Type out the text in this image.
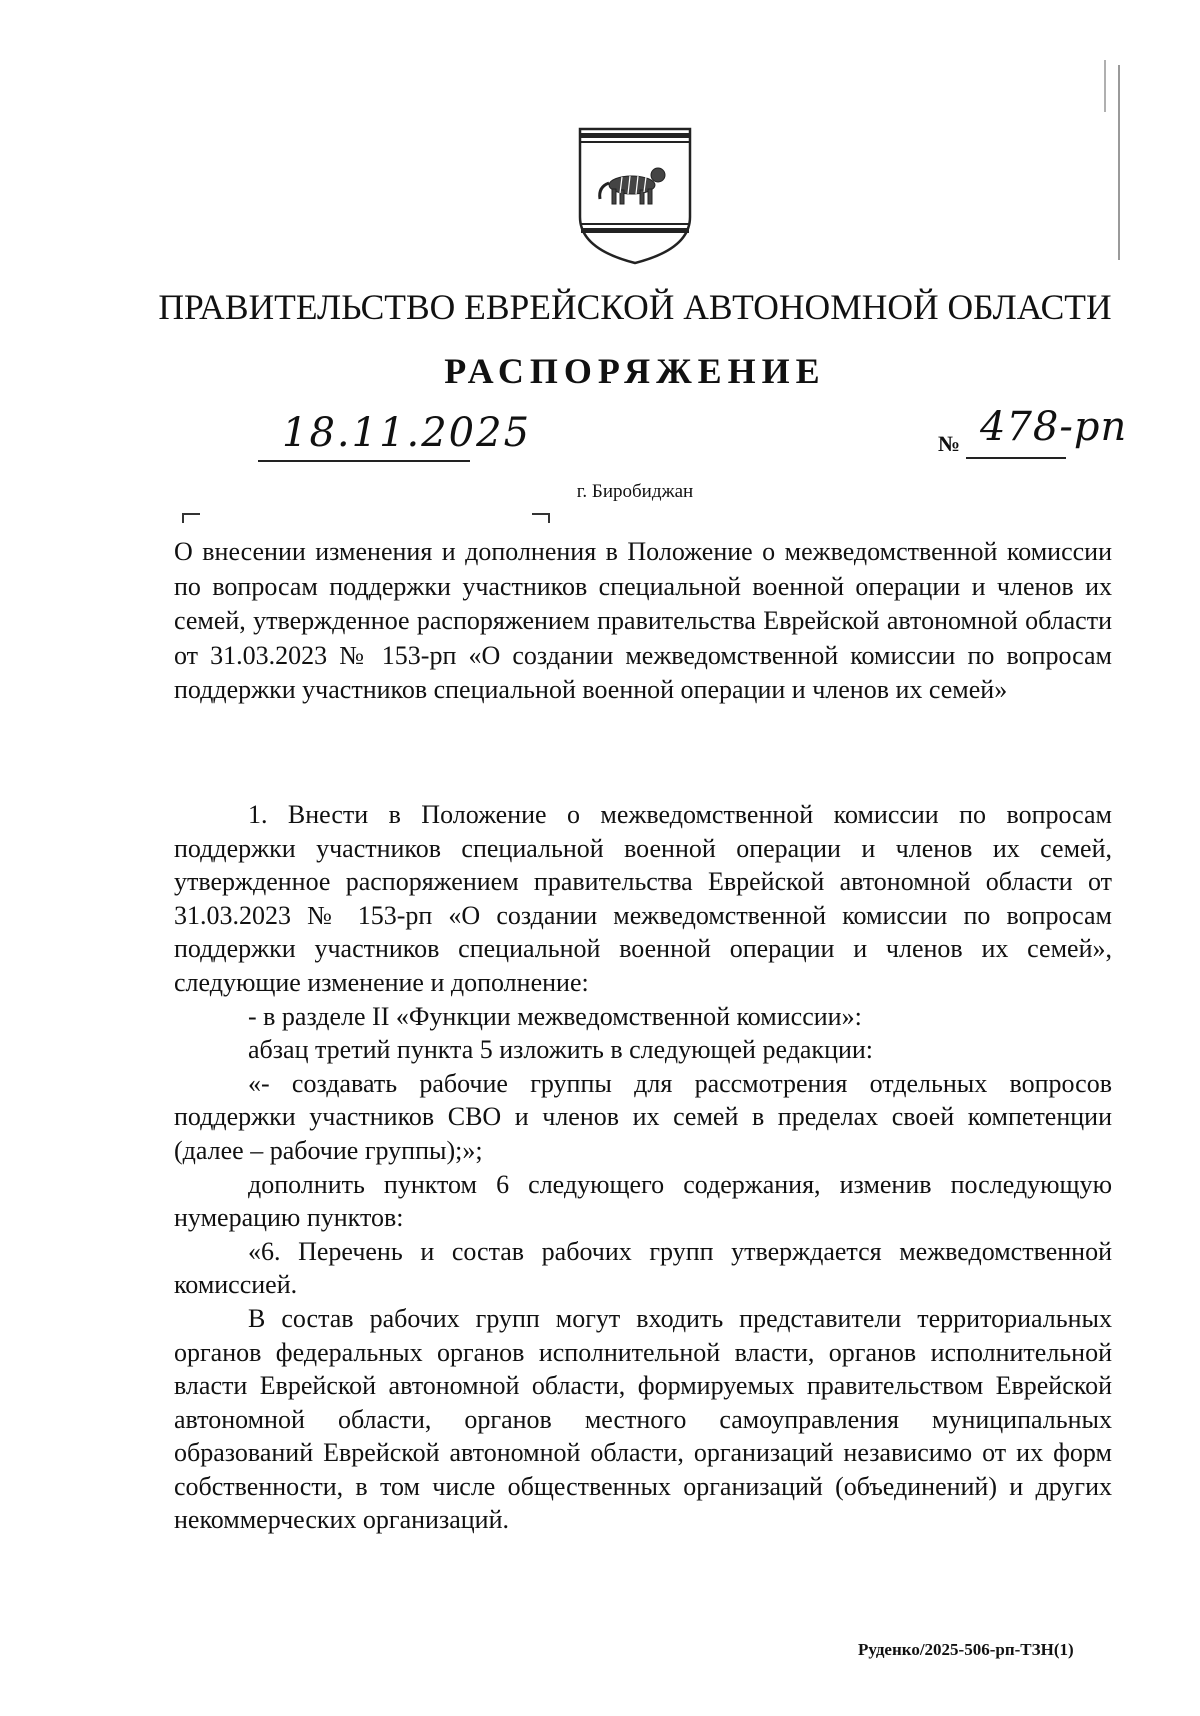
ПРАВИТЕЛЬСТВО ЕВРЕЙСКОЙ АВТОНОМНОЙ ОБЛАСТИ
РАСПОРЯЖЕНИЕ
18.11.2025	№ 478-рп
г. Биробиджан
О внесении изменения и дополнения в Положение о межведомственной комиссии по вопросам поддержки участников специальной военной операции и членов их семей, утвержденное распоряжением правительства Еврейской автономной области от 31.03.2023 № 153-рп «О создании межведомственной комиссии по вопросам поддержки участников специальной военной операции и членов их семей»

1. Внести в Положение о межведомственной комиссии по вопросам поддержки участников специальной военной операции и членов их семей, утвержденное распоряжением правительства Еврейской автономной области от 31.03.2023 № 153-рп «О создании межведомственной комиссии по вопросам поддержки участников специальной военной операции и членов их семей», следующие изменение и дополнение:

- в разделе II «Функции межведомственной комиссии»:

абзац третий пункта 5 изложить в следующей редакции:

«- создавать рабочие группы для рассмотрения отдельных вопросов поддержки участников СВО и членов их семей в пределах своей компетенции (далее – рабочие группы);»;

дополнить пунктом 6 следующего содержания, изменив последующую нумерацию пунктов:

«6. Перечень и состав рабочих групп утверждается межведомственной комиссией.

В состав рабочих групп могут входить представители территориальных органов федеральных органов исполнительной власти, органов исполнительной власти Еврейской автономной области, формируемых правительством Еврейской автономной области, органов местного самоуправления муниципальных образований Еврейской автономной области, организаций независимо от их форм собственности, в том числе общественных организаций (объединений) и других некоммерческих организаций.

Руденко/2025-506-рп-ТЗН(1)
